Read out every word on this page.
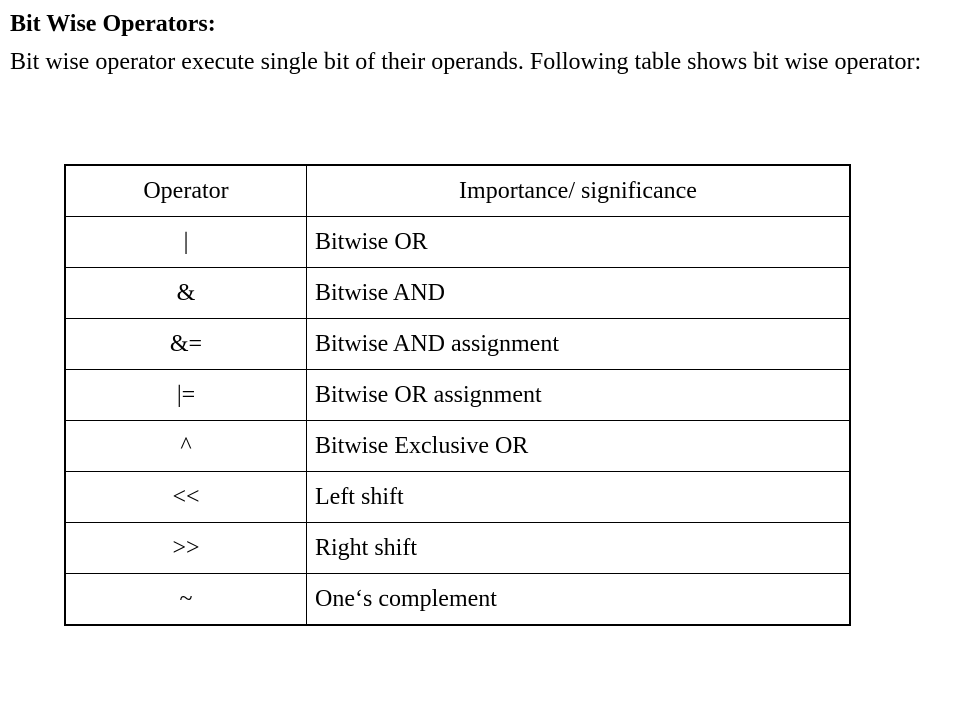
Bit Wise Operators:

Bit wise operator execute single bit of their operands. Following table shows bit wise operator:

Operator	Importance/ significance
|	Bitwise OR
&	Bitwise AND
&=	Bitwise AND assignment
|=	Bitwise OR assignment
^	Bitwise Exclusive OR
<<	Left shift
>>	Right shift
~	One‘s complement
